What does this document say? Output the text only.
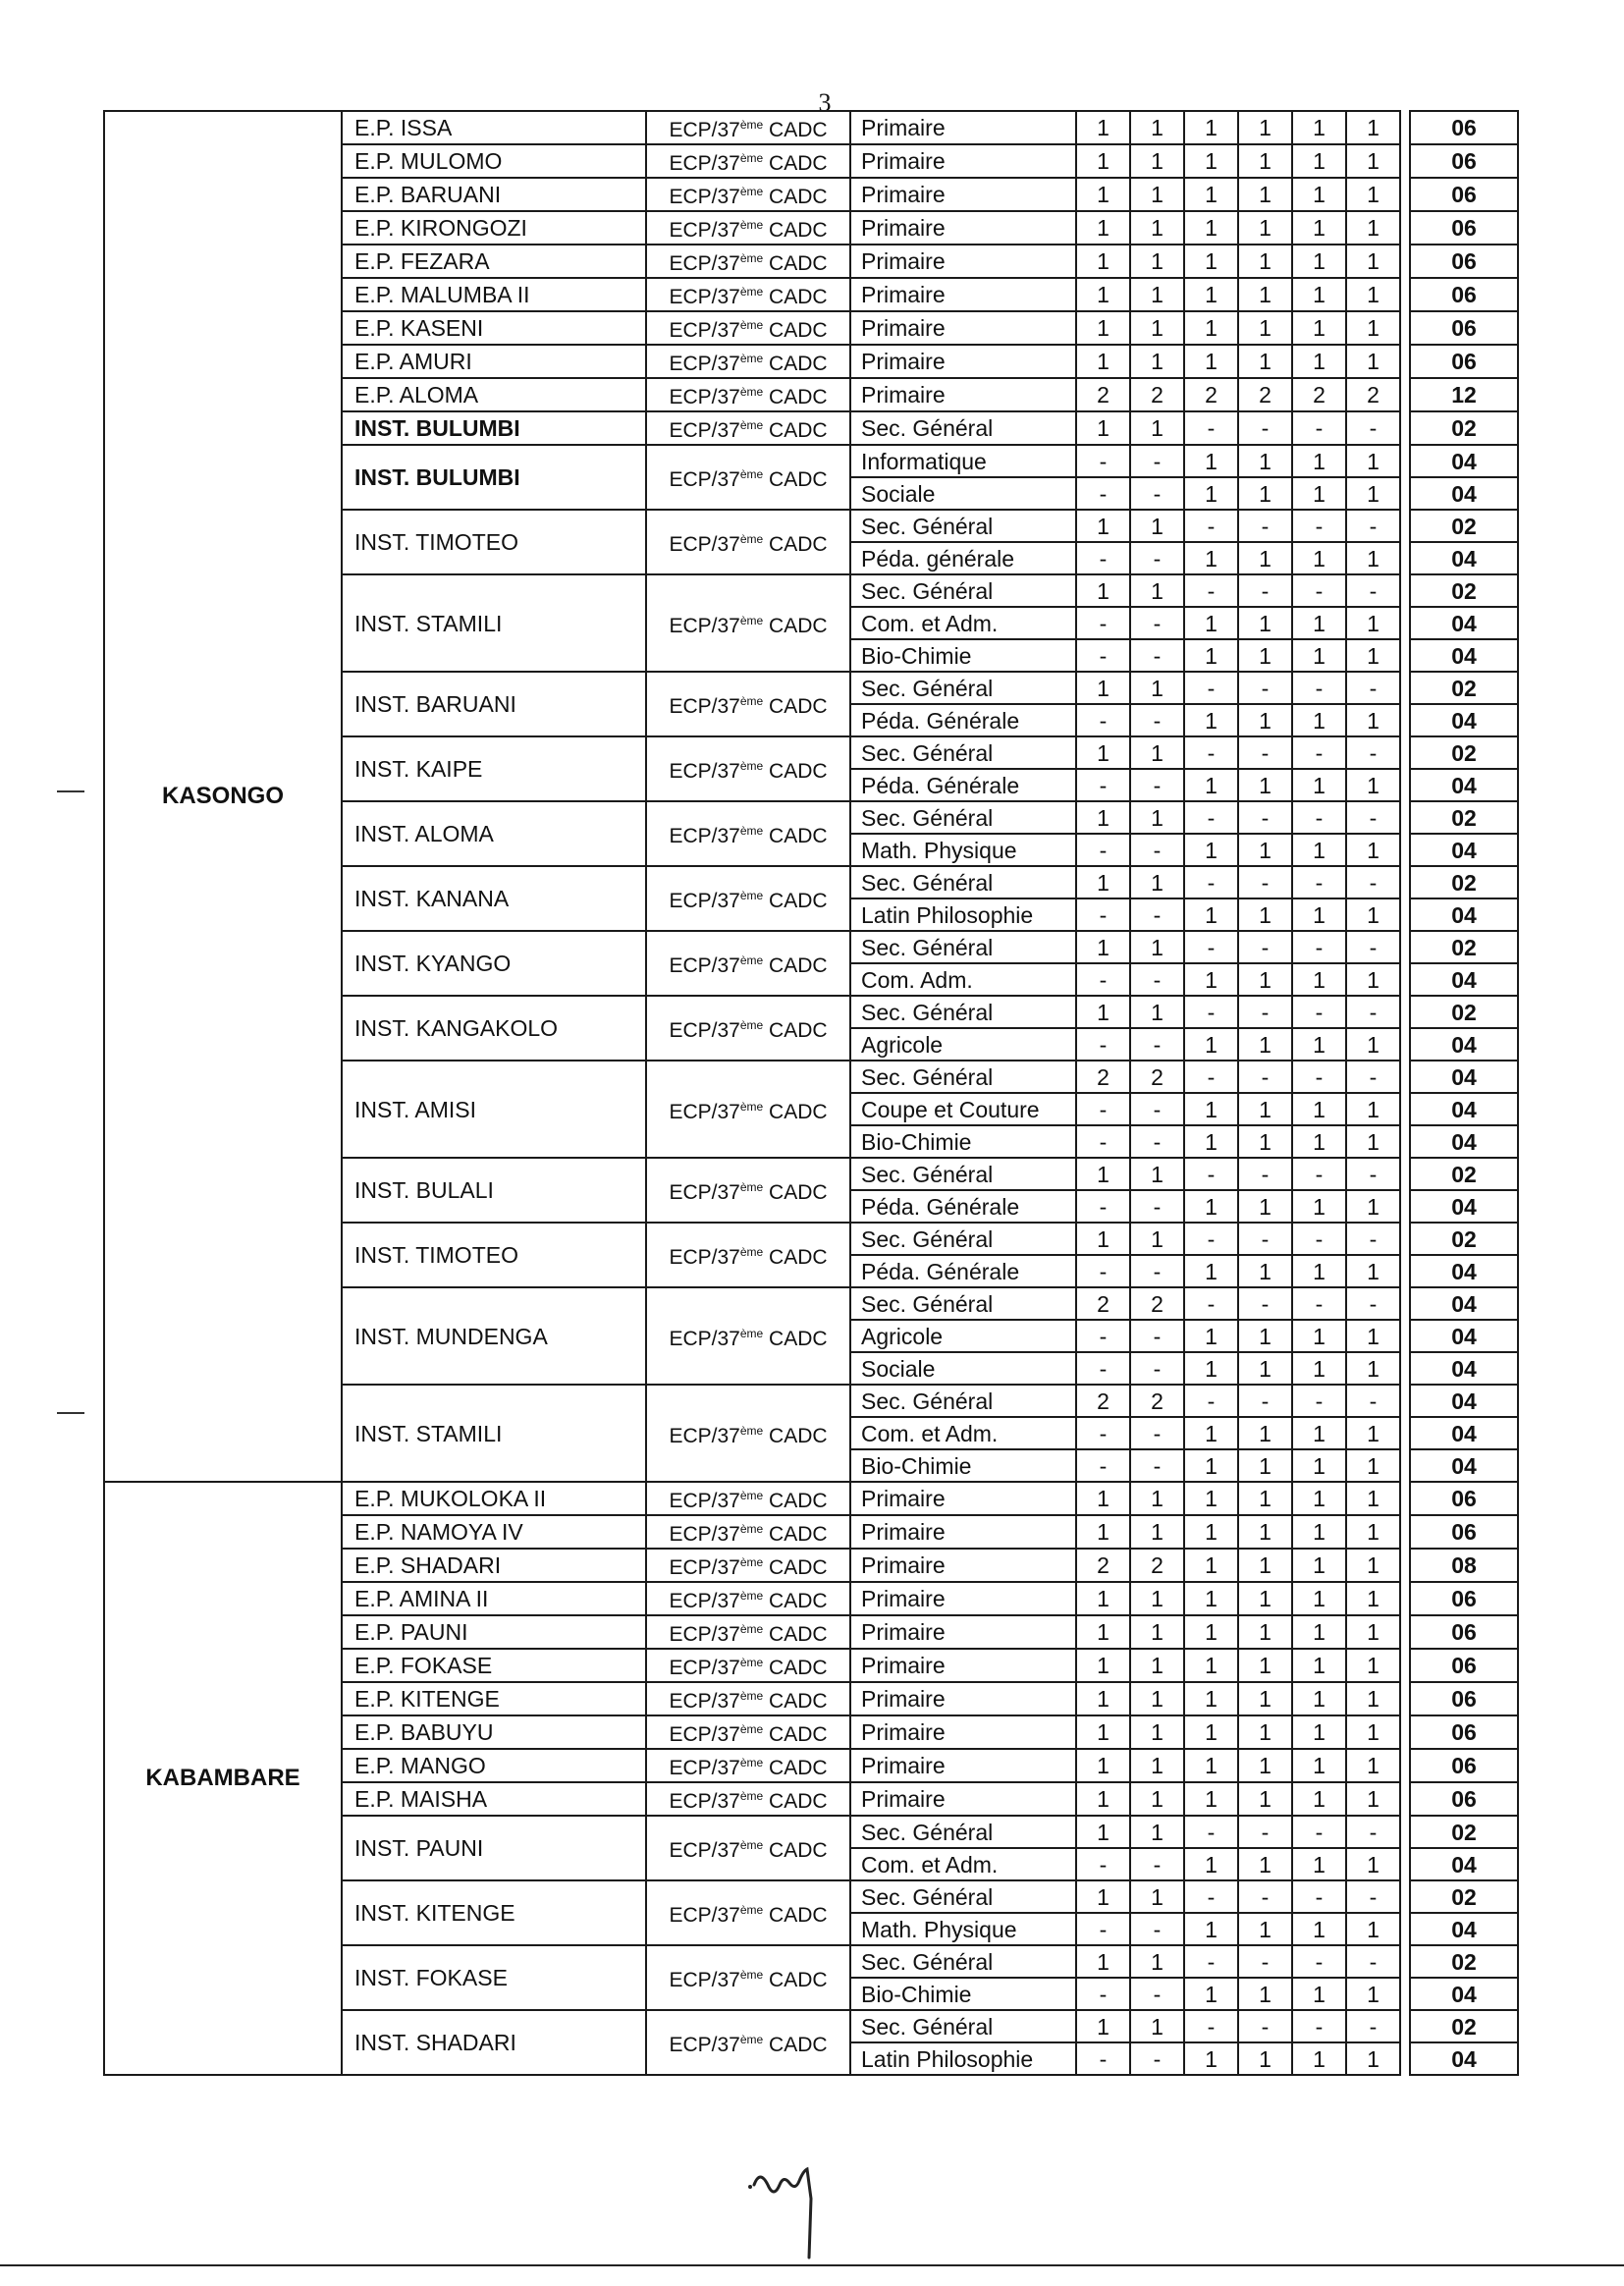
3
KASONGO	E.P. ISSA	ECP/37ème CADC	Primaire	1	1	1	1	1	1		06
	E.P. MULOMO	ECP/37ème CADC	Primaire	1	1	1	1	1	1		06
	E.P. BARUANI	ECP/37ème CADC	Primaire	1	1	1	1	1	1		06
	E.P. KIRONGOZI	ECP/37ème CADC	Primaire	1	1	1	1	1	1		06
	E.P. FEZARA	ECP/37ème CADC	Primaire	1	1	1	1	1	1		06
	E.P. MALUMBA II	ECP/37ème CADC	Primaire	1	1	1	1	1	1		06
	E.P. KASENI	ECP/37ème CADC	Primaire	1	1	1	1	1	1		06
	E.P. AMURI	ECP/37ème CADC	Primaire	1	1	1	1	1	1		06
	E.P. ALOMA	ECP/37ème CADC	Primaire	2	2	2	2	2	2		12
	INST. BULUMBI	ECP/37ème CADC	Sec. Général	1	1	-	-	-	-		02
	INST. BULUMBI	ECP/37ème CADC	Informatique	-	-	1	1	1	1		04
			Sociale	-	-	1	1	1	1		04
	INST. TIMOTEO	ECP/37ème CADC	Sec. Général	1	1	-	-	-	-		02
			Péda. générale	-	-	1	1	1	1		04
	INST. STAMILI	ECP/37ème CADC	Sec. Général	1	1	-	-	-	-		02
			Com. et Adm.	-	-	1	1	1	1		04
			Bio-Chimie	-	-	1	1	1	1		04
	INST. BARUANI	ECP/37ème CADC	Sec. Général	1	1	-	-	-	-		02
			Péda. Générale	-	-	1	1	1	1		04
	INST. KAIPE	ECP/37ème CADC	Sec. Général	1	1	-	-	-	-		02
			Péda. Générale	-	-	1	1	1	1		04
	INST. ALOMA	ECP/37ème CADC	Sec. Général	1	1	-	-	-	-		02
			Math. Physique	-	-	1	1	1	1		04
	INST. KANANA	ECP/37ème CADC	Sec. Général	1	1	-	-	-	-		02
			Latin Philosophie	-	-	1	1	1	1		04
	INST. KYANGO	ECP/37ème CADC	Sec. Général	1	1	-	-	-	-		02
			Com. Adm.	-	-	1	1	1	1		04
	INST. KANGAKOLO	ECP/37ème CADC	Sec. Général	1	1	-	-	-	-		02
			Agricole	-	-	1	1	1	1		04
	INST. AMISI	ECP/37ème CADC	Sec. Général	2	2	-	-	-	-		04
			Coupe et Couture	-	-	1	1	1	1		04
			Bio-Chimie	-	-	1	1	1	1		04
	INST. BULALI	ECP/37ème CADC	Sec. Général	1	1	-	-	-	-		02
			Péda. Générale	-	-	1	1	1	1		04
	INST. TIMOTEO	ECP/37ème CADC	Sec. Général	1	1	-	-	-	-		02
			Péda. Générale	-	-	1	1	1	1		04
	INST. MUNDENGA	ECP/37ème CADC	Sec. Général	2	2	-	-	-	-		04
			Agricole	-	-	1	1	1	1		04
			Sociale	-	-	1	1	1	1		04
	INST. STAMILI	ECP/37ème CADC	Sec. Général	2	2	-	-	-	-		04
			Com. et Adm.	-	-	1	1	1	1		04
			Bio-Chimie	-	-	1	1	1	1		04
KABAMBARE	E.P. MUKOLOKA II	ECP/37ème CADC	Primaire	1	1	1	1	1	1		06
	E.P. NAMOYA IV	ECP/37ème CADC	Primaire	1	1	1	1	1	1		06
	E.P. SHADARI	ECP/37ème CADC	Primaire	2	2	1	1	1	1		08
	E.P. AMINA II	ECP/37ème CADC	Primaire	1	1	1	1	1	1		06
	E.P. PAUNI	ECP/37ème CADC	Primaire	1	1	1	1	1	1		06
	E.P. FOKASE	ECP/37ème CADC	Primaire	1	1	1	1	1	1		06
	E.P. KITENGE	ECP/37ème CADC	Primaire	1	1	1	1	1	1		06
	E.P. BABUYU	ECP/37ème CADC	Primaire	1	1	1	1	1	1		06
	E.P. MANGO	ECP/37ème CADC	Primaire	1	1	1	1	1	1		06
	E.P. MAISHA	ECP/37ème CADC	Primaire	1	1	1	1	1	1		06
	INST. PAUNI	ECP/37ème CADC	Sec. Général	1	1	-	-	-	-		02
			Com. et Adm.	-	-	1	1	1	1		04
	INST. KITENGE	ECP/37ème CADC	Sec. Général	1	1	-	-	-	-		02
			Math. Physique	-	-	1	1	1	1		04
	INST. FOKASE	ECP/37ème CADC	Sec. Général	1	1	-	-	-	-		02
			Bio-Chimie	-	-	1	1	1	1		04
	INST. SHADARI	ECP/37ème CADC	Sec. Général	1	1	-	-	-	-		02
			Latin Philosophie	-	-	1	1	1	1		04
